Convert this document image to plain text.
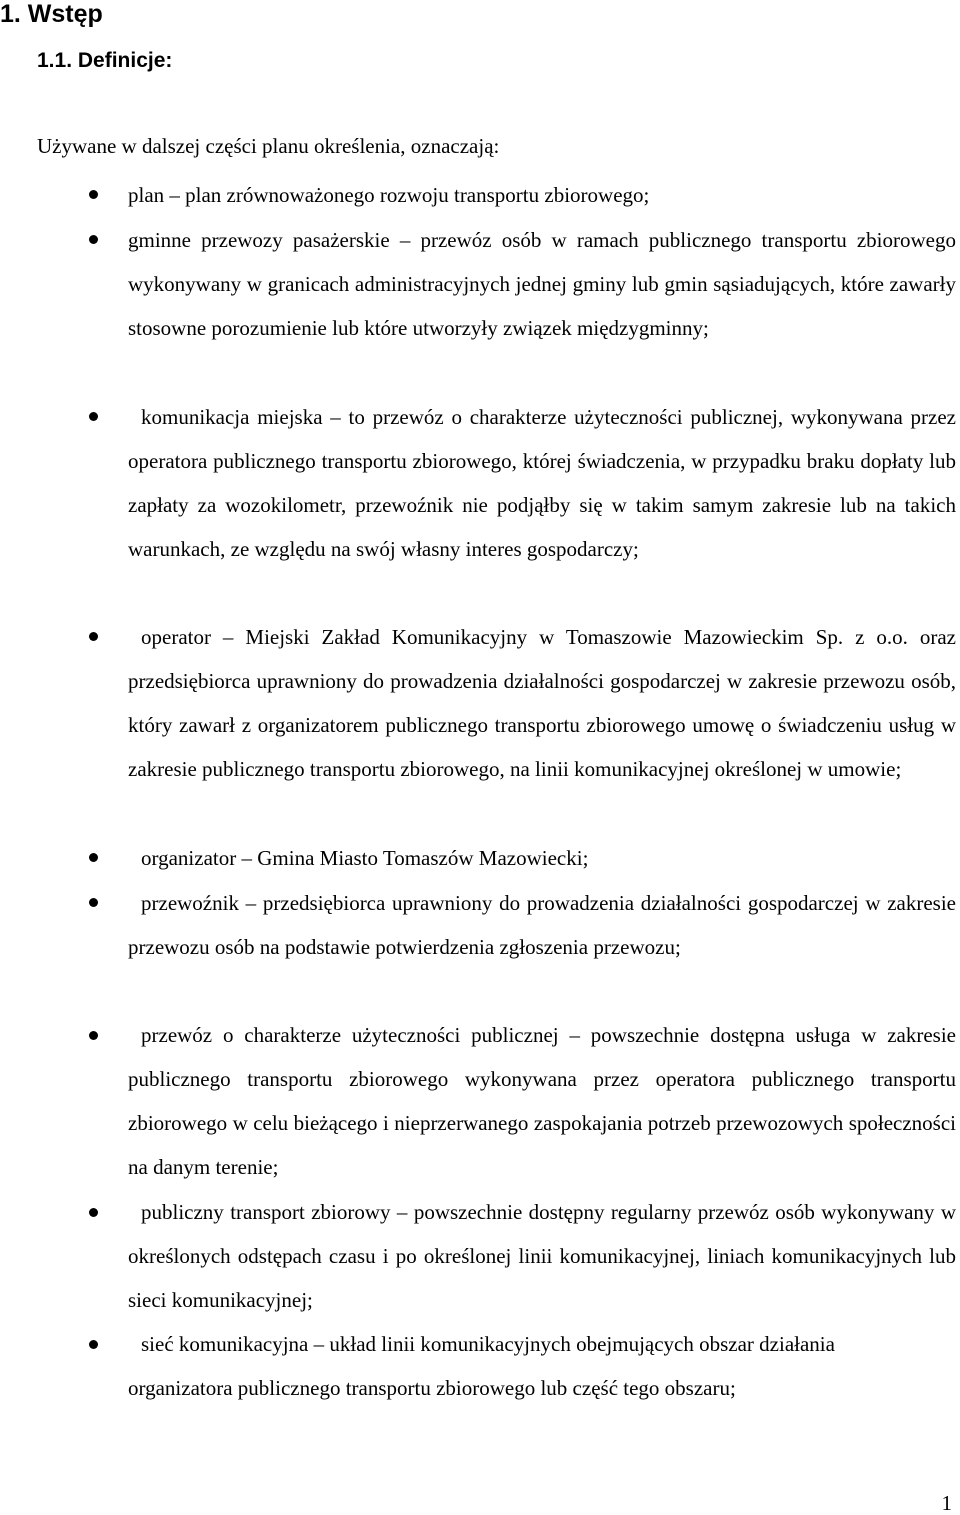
1. Wstęp
1.1. Definicje:
Używane w dalszej części planu określenia, oznaczają:
plan – plan zrównoważonego rozwoju transportu zbiorowego;
gminne przewozy pasażerskie – przewóz osób w ramach publicznego transportu zbiorowego wykonywany w granicach administracyjnych jednej gminy lub gmin sąsiadujących, które zawarły stosowne porozumienie lub które utworzyły związek międzygminny;
komunikacja miejska – to przewóz o charakterze użyteczności publicznej, wykonywana przez operatora publicznego transportu zbiorowego, której świadczenia, w przypadku braku dopłaty lub zapłaty za wozokilometr, przewoźnik nie podjąłby się w takim samym zakresie lub na takich warunkach, ze względu na swój własny interes gospodarczy;
operator – Miejski Zakład Komunikacyjny w Tomaszowie Mazowieckim Sp. z o.o. oraz przedsiębiorca uprawniony do prowadzenia działalności gospodarczej w zakresie przewozu osób, który zawarł z organizatorem publicznego transportu zbiorowego umowę o świadczeniu usług w zakresie publicznego transportu zbiorowego, na linii komunikacyjnej określonej w umowie;
organizator – Gmina Miasto Tomaszów Mazowiecki;
przewoźnik – przedsiębiorca uprawniony do prowadzenia działalności gospodarczej w zakresie przewozu osób na podstawie potwierdzenia zgłoszenia przewozu;
przewóz o charakterze użyteczności publicznej – powszechnie dostępna usługa w zakresie publicznego transportu zbiorowego wykonywana przez operatora publicznego transportu zbiorowego w celu bieżącego i nieprzerwanego zaspokajania potrzeb przewozowych społeczności na danym terenie;
publiczny transport zbiorowy – powszechnie dostępny regularny przewóz osób wykonywany w określonych odstępach czasu i po określonej linii komunikacyjnej, liniach komunikacyjnych lub sieci komunikacyjnej;
sieć komunikacyjna – układ linii komunikacyjnych obejmujących obszar działania organizatora publicznego transportu zbiorowego lub część tego obszaru;
1
